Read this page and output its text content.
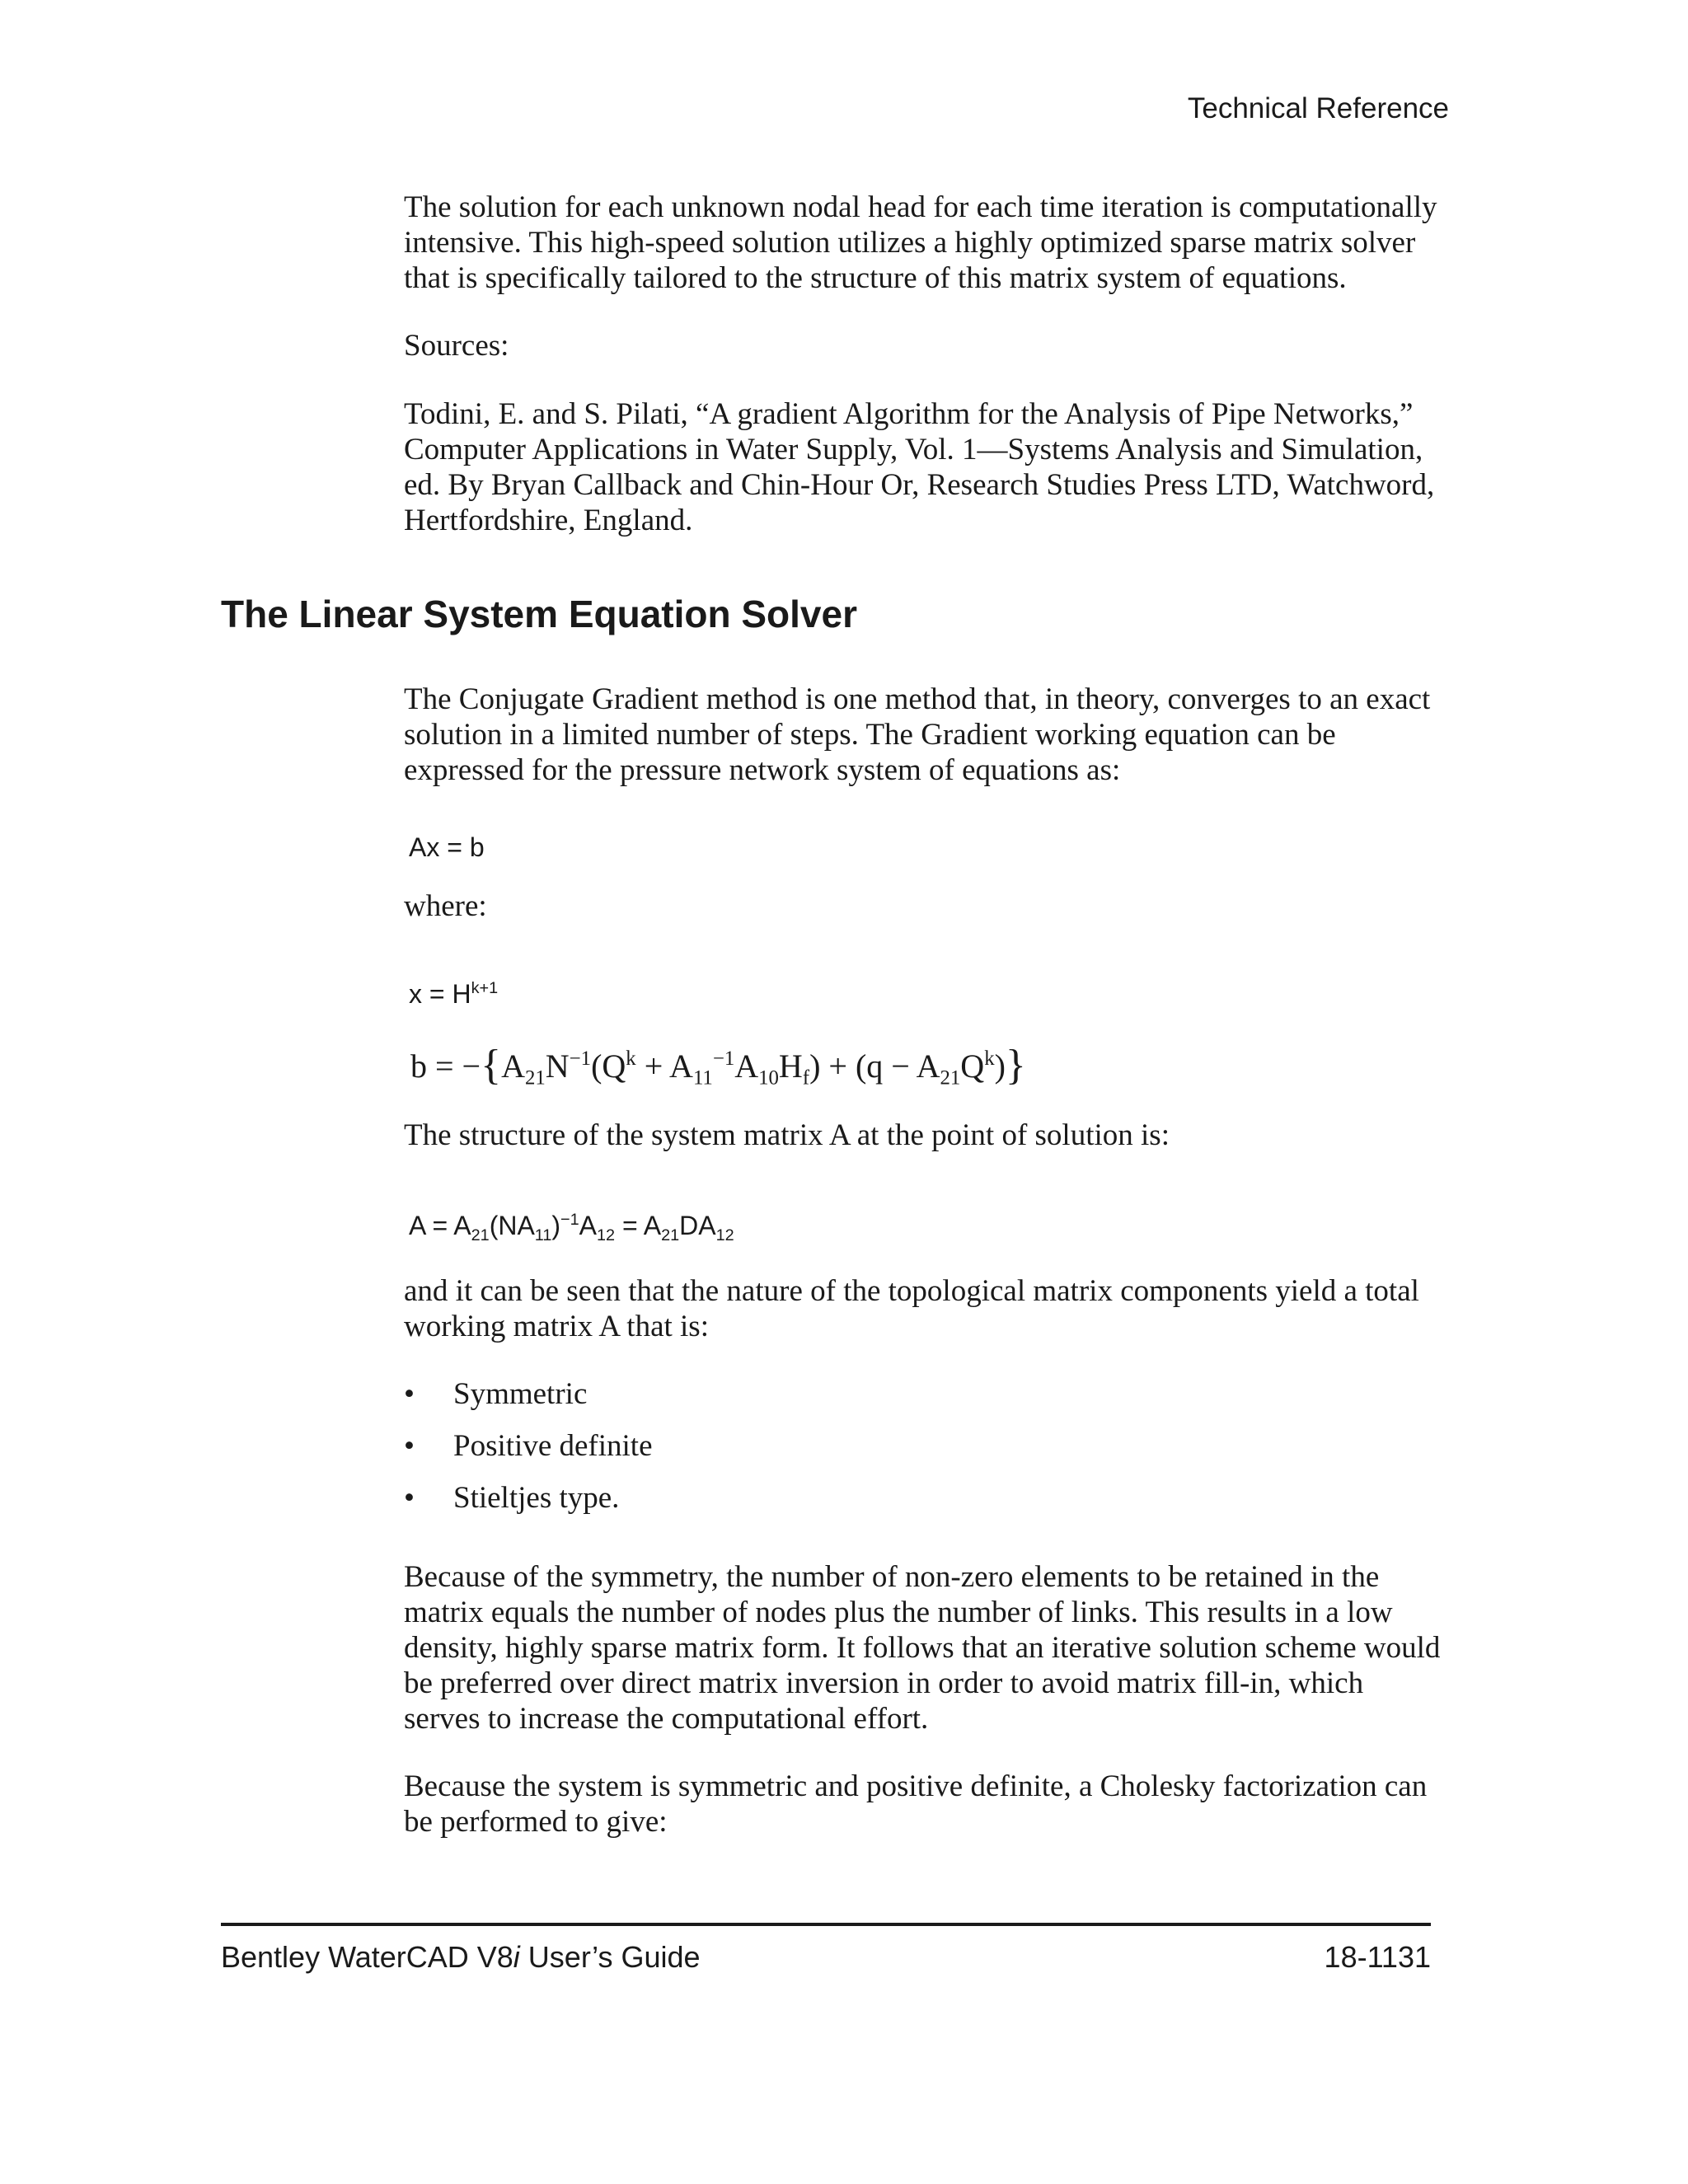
Technical Reference
The solution for each unknown nodal head for each time iteration is computationally intensive. This high-speed solution utilizes a highly optimized sparse matrix solver that is specifically tailored to the structure of this matrix system of equations.
Sources:
Todini, E. and S. Pilati, “A gradient Algorithm for the Analysis of Pipe Networks,” Computer Applications in Water Supply, Vol. 1—Systems Analysis and Simulation, ed. By Bryan Callback and Chin-Hour Or, Research Studies Press LTD, Watchword, Hertfordshire, England.
The Linear System Equation Solver
The Conjugate Gradient method is one method that, in theory, converges to an exact solution in a limited number of steps. The Gradient working equation can be expressed for the pressure network system of equations as:
Ax = b
where:
$x = H^{k+1}$
$b = -\{A_{21}N^{-1}(Q^k + A_{11}^{-1}A_{10}H_f) + (q - A_{21}Q^k)\}$
The structure of the system matrix A at the point of solution is:
$A = A_{21}(NA_{11})^{-1}A_{12} = A_{21}DA_{12}$
and it can be seen that the nature of the topological matrix components yield a total working matrix A that is:
• Symmetric
• Positive definite
• Stieltjes type.
Because of the symmetry, the number of non-zero elements to be retained in the matrix equals the number of nodes plus the number of links. This results in a low density, highly sparse matrix form. It follows that an iterative solution scheme would be preferred over direct matrix inversion in order to avoid matrix fill-in, which serves to increase the computational effort.
Because the system is symmetric and positive definite, a Cholesky factorization can be performed to give:
Bentley WaterCAD V8i User’s Guide	18-1131
